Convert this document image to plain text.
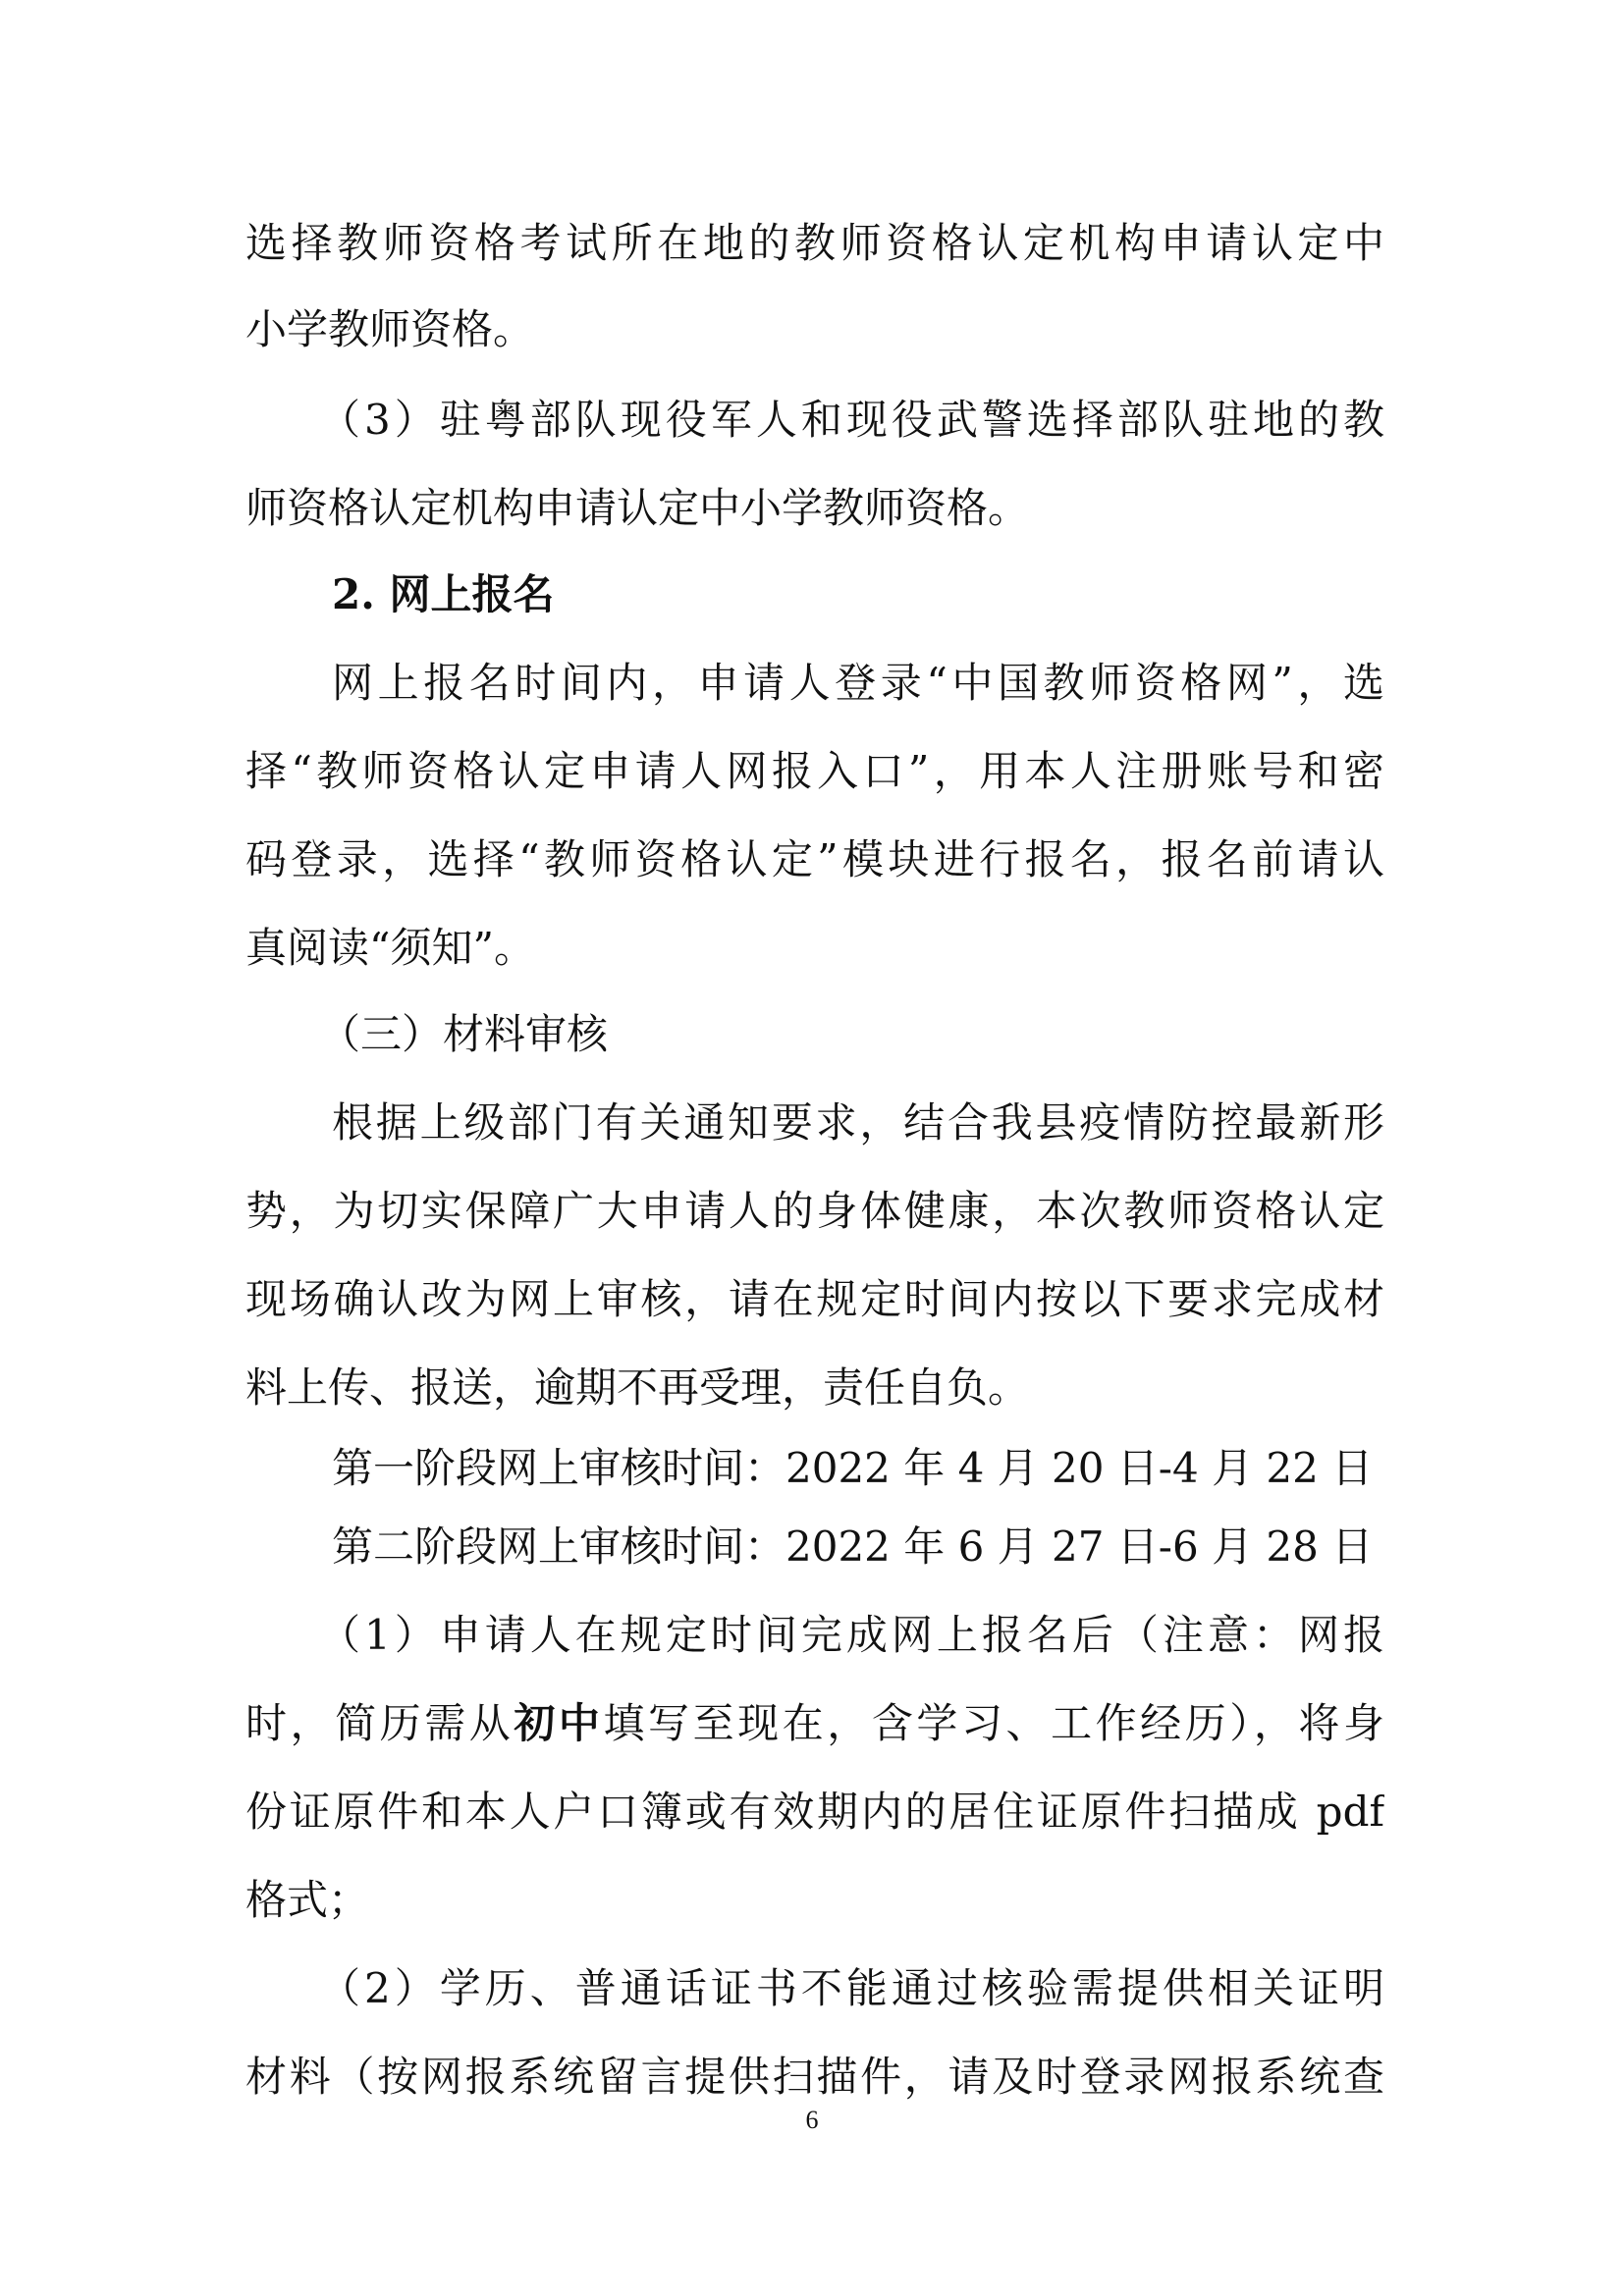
选择教师资格考试所在地的教师资格认定机构申请认定中
小学教师资格。
（3）驻粤部队现役军人和现役武警选择部队驻地的教
师资格认定机构申请认定中小学教师资格。
2. 网上报名
网上报名时间内，申请人登录“中国教师资格网”，选
择“教师资格认定申请人网报入口”，用本人注册账号和密
码登录，选择“教师资格认定”模块进行报名，报名前请认
真阅读“须知”。
（三）材料审核
根据上级部门有关通知要求，结合我县疫情防控最新形
势，为切实保障广大申请人的身体健康，本次教师资格认定
现场确认改为网上审核，请在规定时间内按以下要求完成材
料上传、报送，逾期不再受理，责任自负。
第一阶段网上审核时间：2022 年 4 月 20 日-4 月 22 日
第二阶段网上审核时间：2022 年 6 月 27 日-6 月 28 日
（1）申请人在规定时间完成网上报名后（注意：网报
时，简历需从初中填写至现在，含学习、工作经历），将身
份证原件和本人户口簿或有效期内的居住证原件扫描成 pdf
格式；
（2）学历、普通话证书不能通过核验需提供相关证明
材料（按网报系统留言提供扫描件，请及时登录网报系统查
6
